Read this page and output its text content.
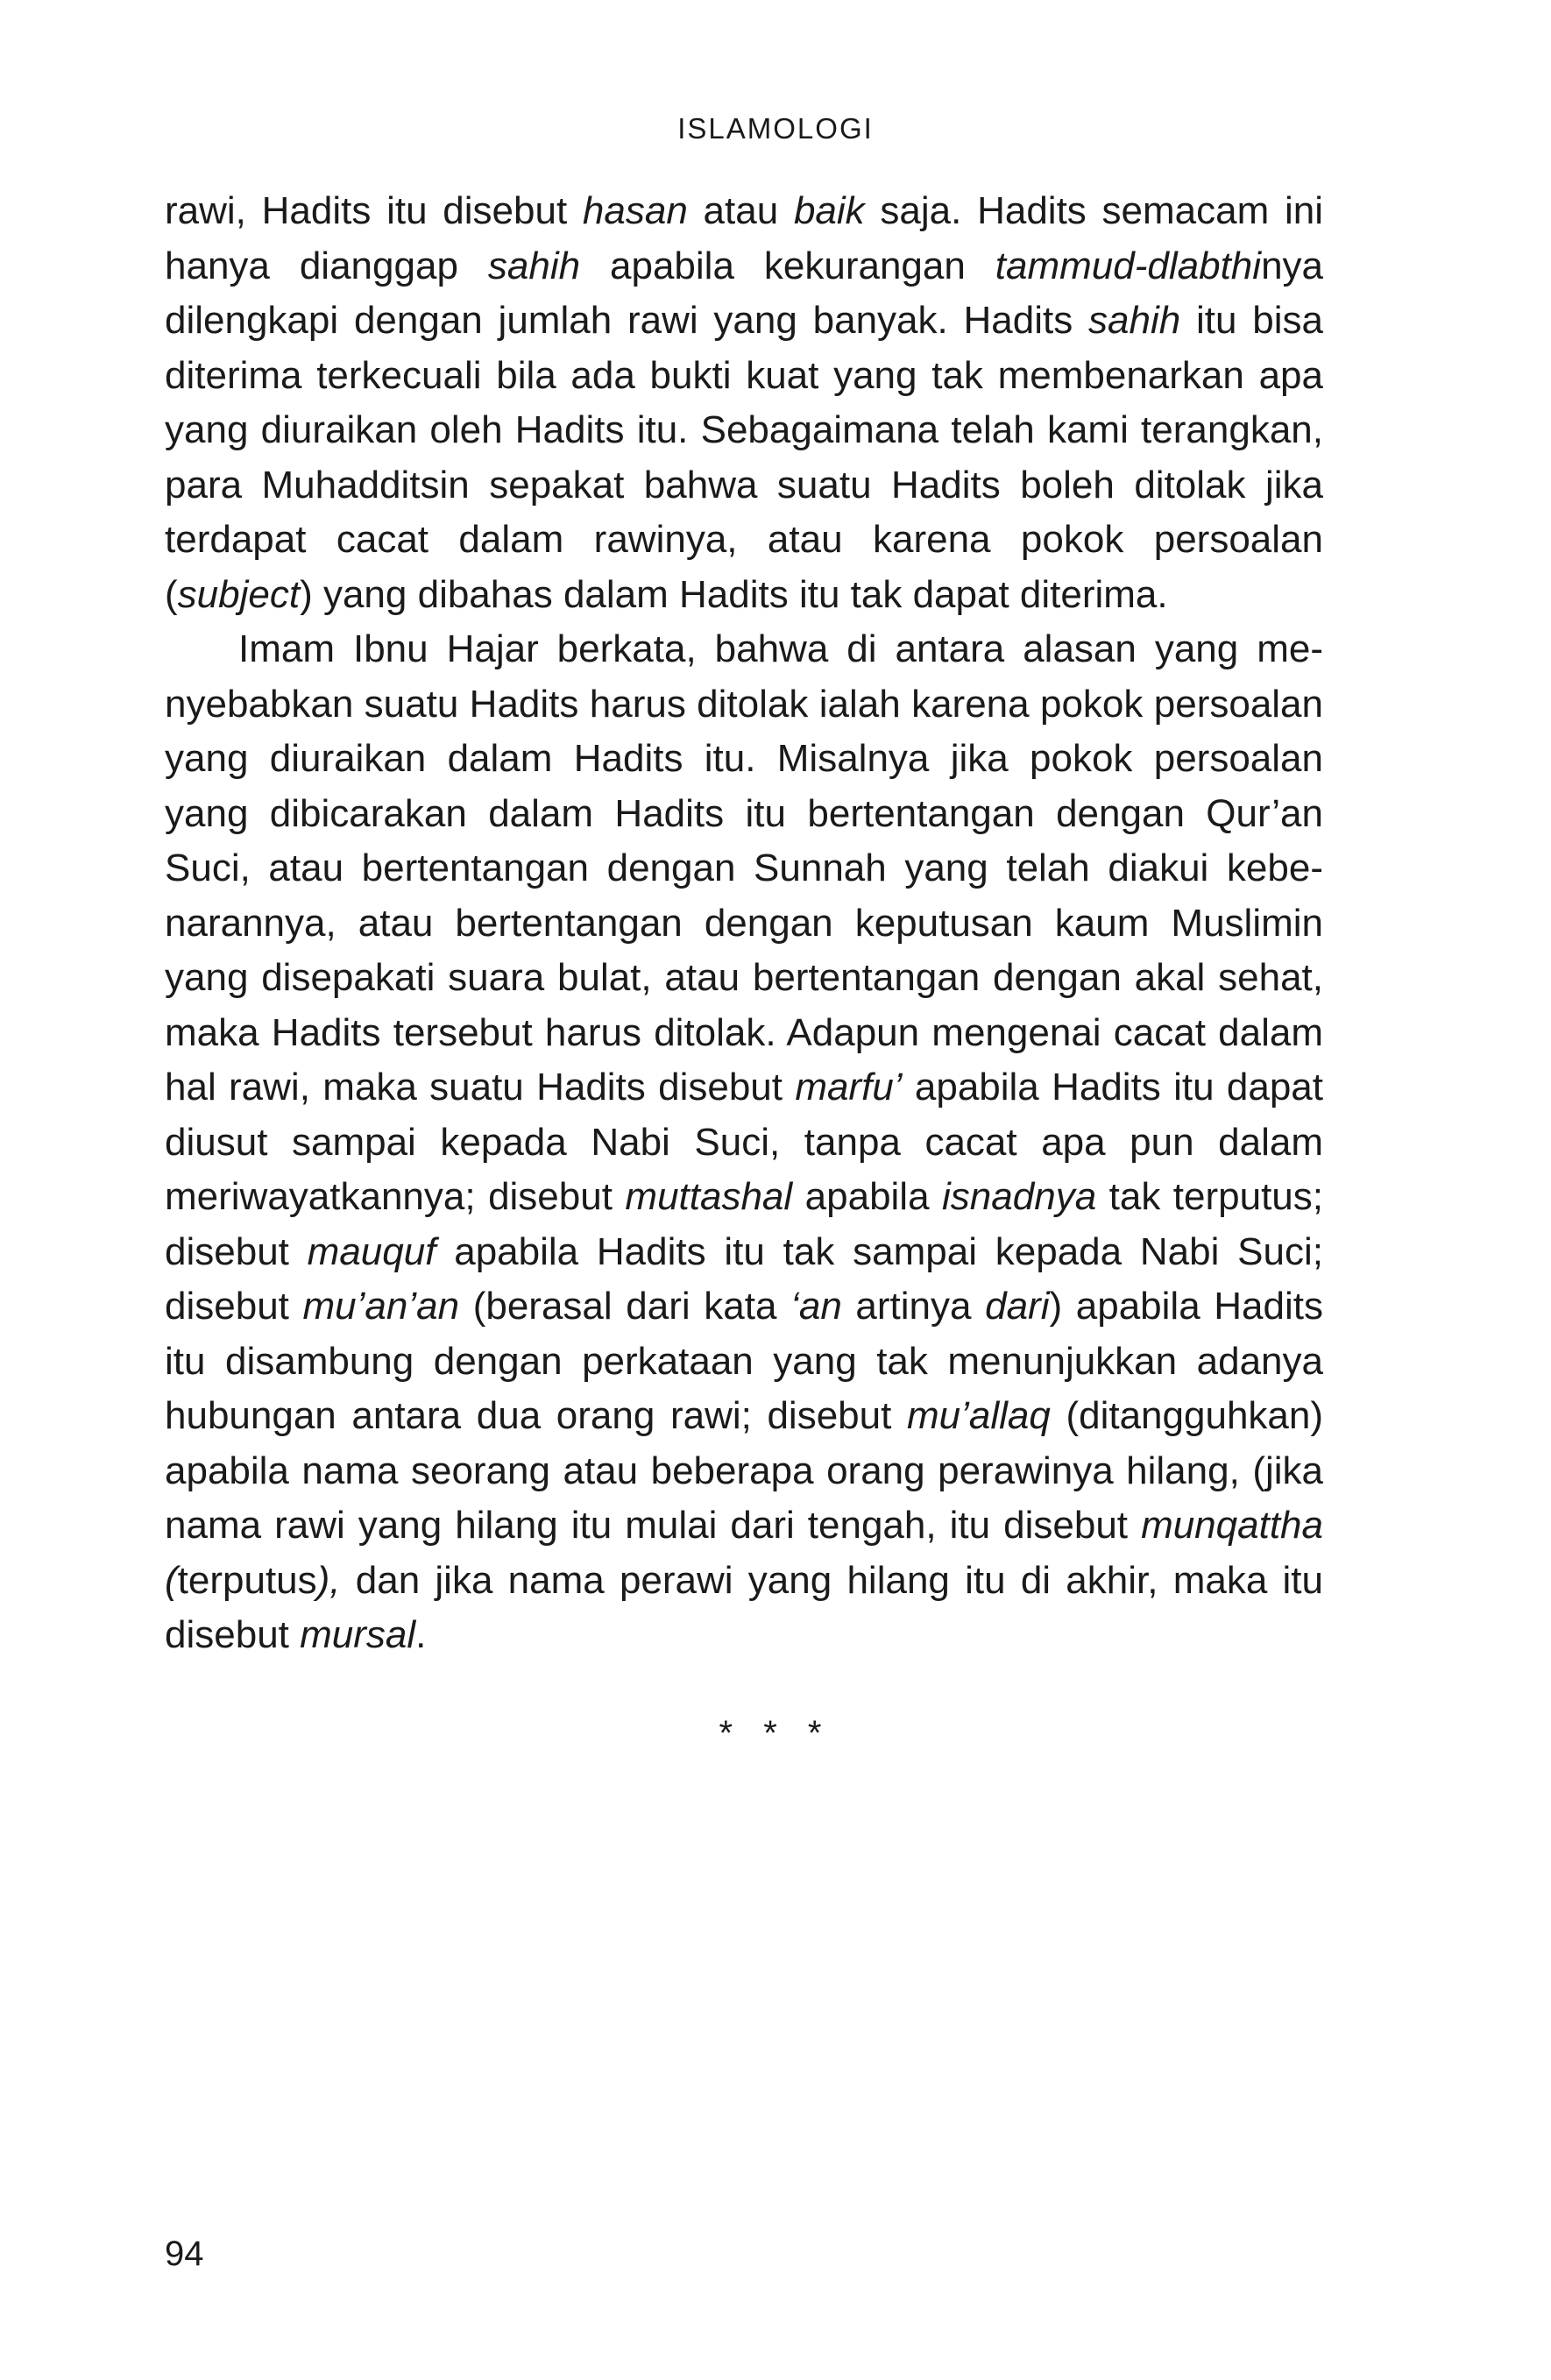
ISLAMOLOGI

rawi, Hadits itu disebut hasan atau baik saja. Hadits semacam ini hanya dianggap sahih apabila kekurangan tammud-dlabthinya dilengkapi dengan jumlah rawi yang banyak. Hadits sahih itu bisa diterima terkecuali bila ada bukti kuat yang tak membenarkan apa yang diuraikan oleh Hadits itu. Sebagaimana telah kami terangkan, para Muhadditsin sepakat bahwa suatu Hadits boleh ditolak jika terdapat cacat dalam rawinya, atau karena pokok persoalan (subject) yang dibahas dalam Hadits itu tak dapat diterima.

Imam Ibnu Hajar berkata, bahwa di antara alasan yang menyebabkan suatu Hadits harus ditolak ialah karena pokok persoalan yang diuraikan dalam Hadits itu. Misalnya jika pokok persoalan yang dibicarakan dalam Hadits itu bertentangan dengan Qur’an Suci, atau bertentangan dengan Sunnah yang telah diakui kebenarannya, atau bertentangan dengan keputusan kaum Muslimin yang disepakati suara bulat, atau bertentangan dengan akal sehat, maka Hadits tersebut harus ditolak. Adapun mengenai cacat dalam hal rawi, maka suatu Hadits disebut marfu’ apabila Hadits itu dapat diusut sampai kepada Nabi Suci, tanpa cacat apa pun dalam meriwayatkannya; disebut muttashal apabila isnadnya tak terputus; disebut mauquf apabila Hadits itu tak sampai kepada Nabi Suci; disebut mu’an’an (berasal dari kata ‘an artinya dari) apabila Hadits itu disambung dengan perkataan yang tak menunjukkan adanya hubungan antara dua orang rawi; disebut mu’allaq (ditangguhkan) apabila nama seorang atau beberapa orang perawinya hilang, (jika nama rawi yang hilang itu mulai dari tengah, itu disebut munqattha (terputus), dan jika nama perawi yang hilang itu di akhir, maka itu disebut mursal.

* * *
94
